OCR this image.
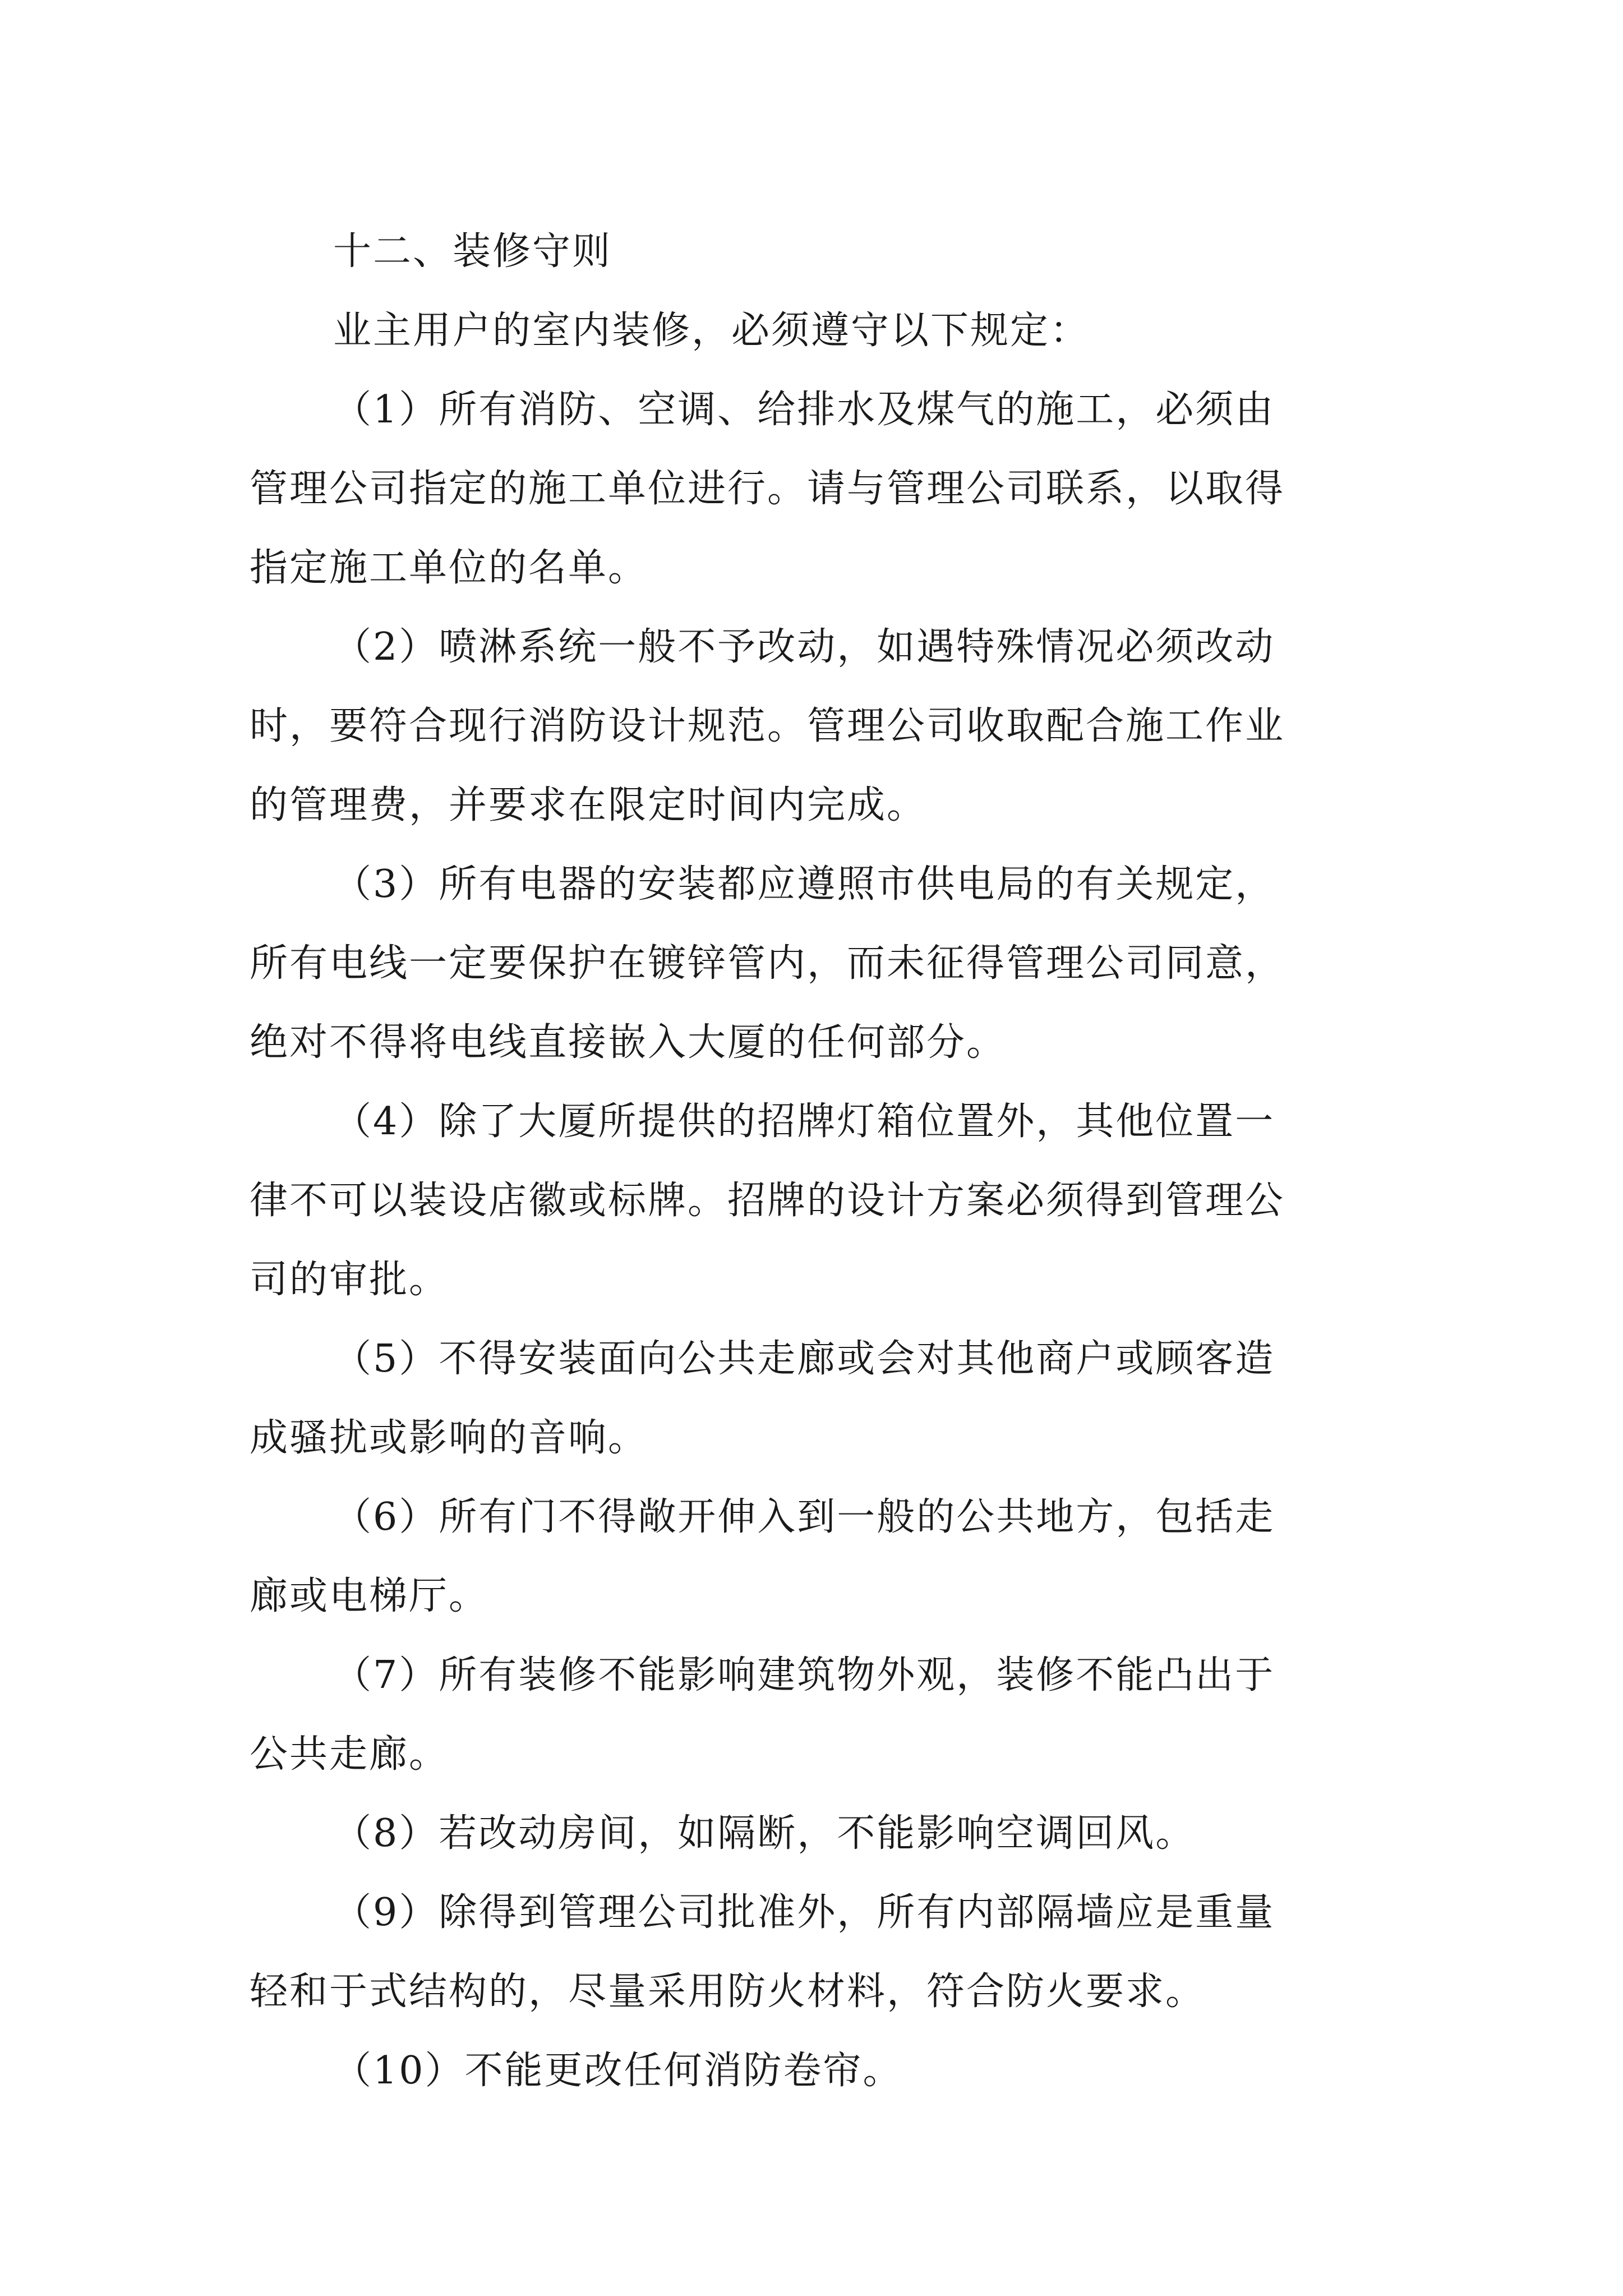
十二、装修守则
业主用户的室内装修，必须遵守以下规定：
（1）所有消防、空调、给排水及煤气的施工，必须由
管理公司指定的施工单位进行。请与管理公司联系，以取得
指定施工单位的名单。
（2）喷淋系统一般不予改动，如遇特殊情况必须改动
时，要符合现行消防设计规范。管理公司收取配合施工作业
的管理费，并要求在限定时间内完成。
（3）所有电器的安装都应遵照市供电局的有关规定，
所有电线一定要保护在镀锌管内，而未征得管理公司同意，
绝对不得将电线直接嵌入大厦的任何部分。
（4）除了大厦所提供的招牌灯箱位置外，其他位置一
律不可以装设店徽或标牌。招牌的设计方案必须得到管理公
司的审批。
（5）不得安装面向公共走廊或会对其他商户或顾客造
成骚扰或影响的音响。
（6）所有门不得敞开伸入到一般的公共地方，包括走
廊或电梯厅。
（7）所有装修不能影响建筑物外观，装修不能凸出于
公共走廊。
（8）若改动房间，如隔断，不能影响空调回风。
（9）除得到管理公司批准外，所有内部隔墙应是重量
轻和于式结构的，尽量采用防火材料，符合防火要求。
（10）不能更改任何消防卷帘。
